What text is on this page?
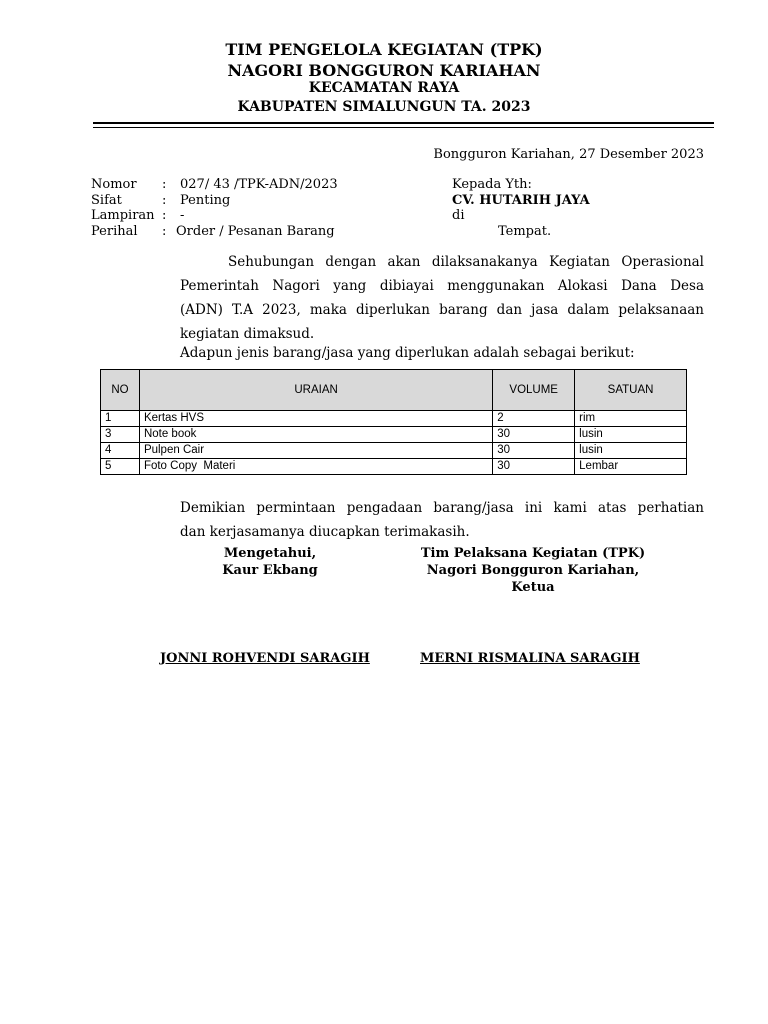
TIM PENGELOLA KEGIATAN (TPK)
NAGORI BONGGURON KARIAHAN
KECAMATAN RAYA
KABUPATEN SIMALUNGUN TA. 2023
Bongguron Kariahan, 27 Desember 2023
Nomor : 027/ 43 /TPK-ADN/2023
Sifat	: Penting
Lampiran : -
Perihal : Order / Pesanan Barang
Kepada Yth:
CV. HUTARIH JAYA
di
Tempat.
Sehubungan dengan akan dilaksanakanya Kegiatan Operasional
Pemerintah Nagori yang dibiayai menggunakan Alokasi Dana Desa
(ADN) T.A 2023, maka diperlukan barang dan jasa dalam pelaksanaan
kegiatan dimaksud.
Adapun jenis barang/jasa yang diperlukan adalah sebagai berikut:
NO	URAIAN	VOLUME	SATUAN
1	Kertas HVS	2	rim
3	Note book	30	lusin
4	Pulpen Cair	30	lusin
5	Foto Copy  Materi	30	Lembar
Demikian permintaan pengadaan barang/jasa ini kami atas perhatian
dan kerjasamanya diucapkan terimakasih.
Mengetahui,
Kaur Ekbang
Tim Pelaksana Kegiatan (TPK)
Nagori Bongguron Kariahan,
Ketua
JONNI ROHVENDI SARAGIH	MERNI RISMALINA SARAGIH
